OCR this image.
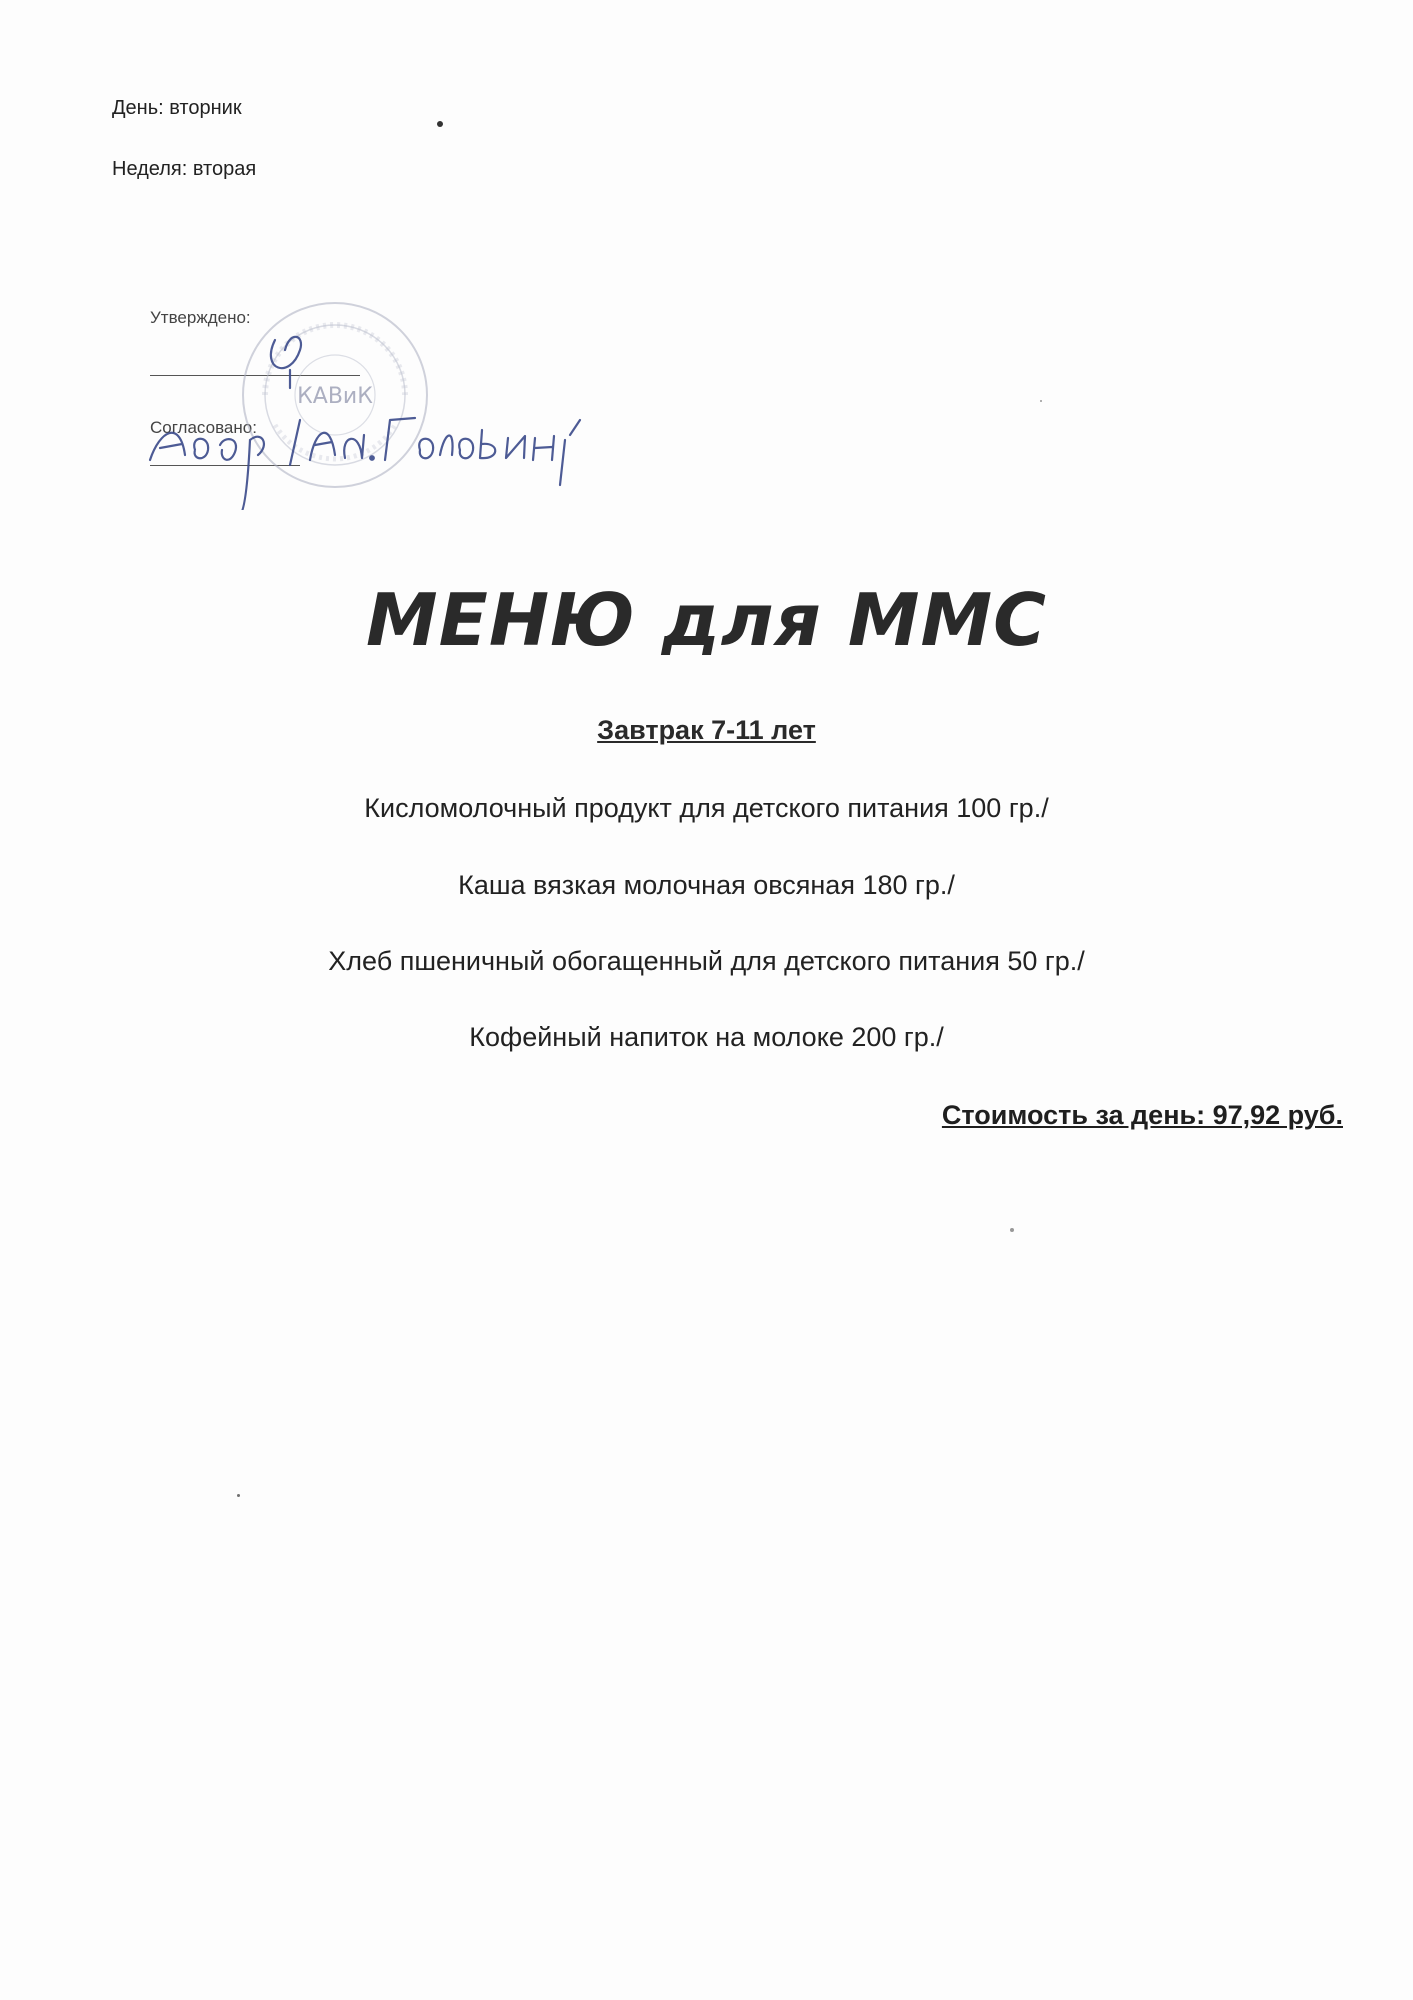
День: вторник
Неделя: вторая
Утверждено:
Согласовано:
КАВиК
МЕНЮ для ММС
Завтрак 7-11 лет
Кисломолочный продукт для детского питания 100 гр./
Каша вязкая молочная овсяная 180 гр./
Хлеб пшеничный обогащенный для детского питания 50 гр./
Кофейный напиток на молоке 200 гр./
Стоимость за день: 97,92 руб.
